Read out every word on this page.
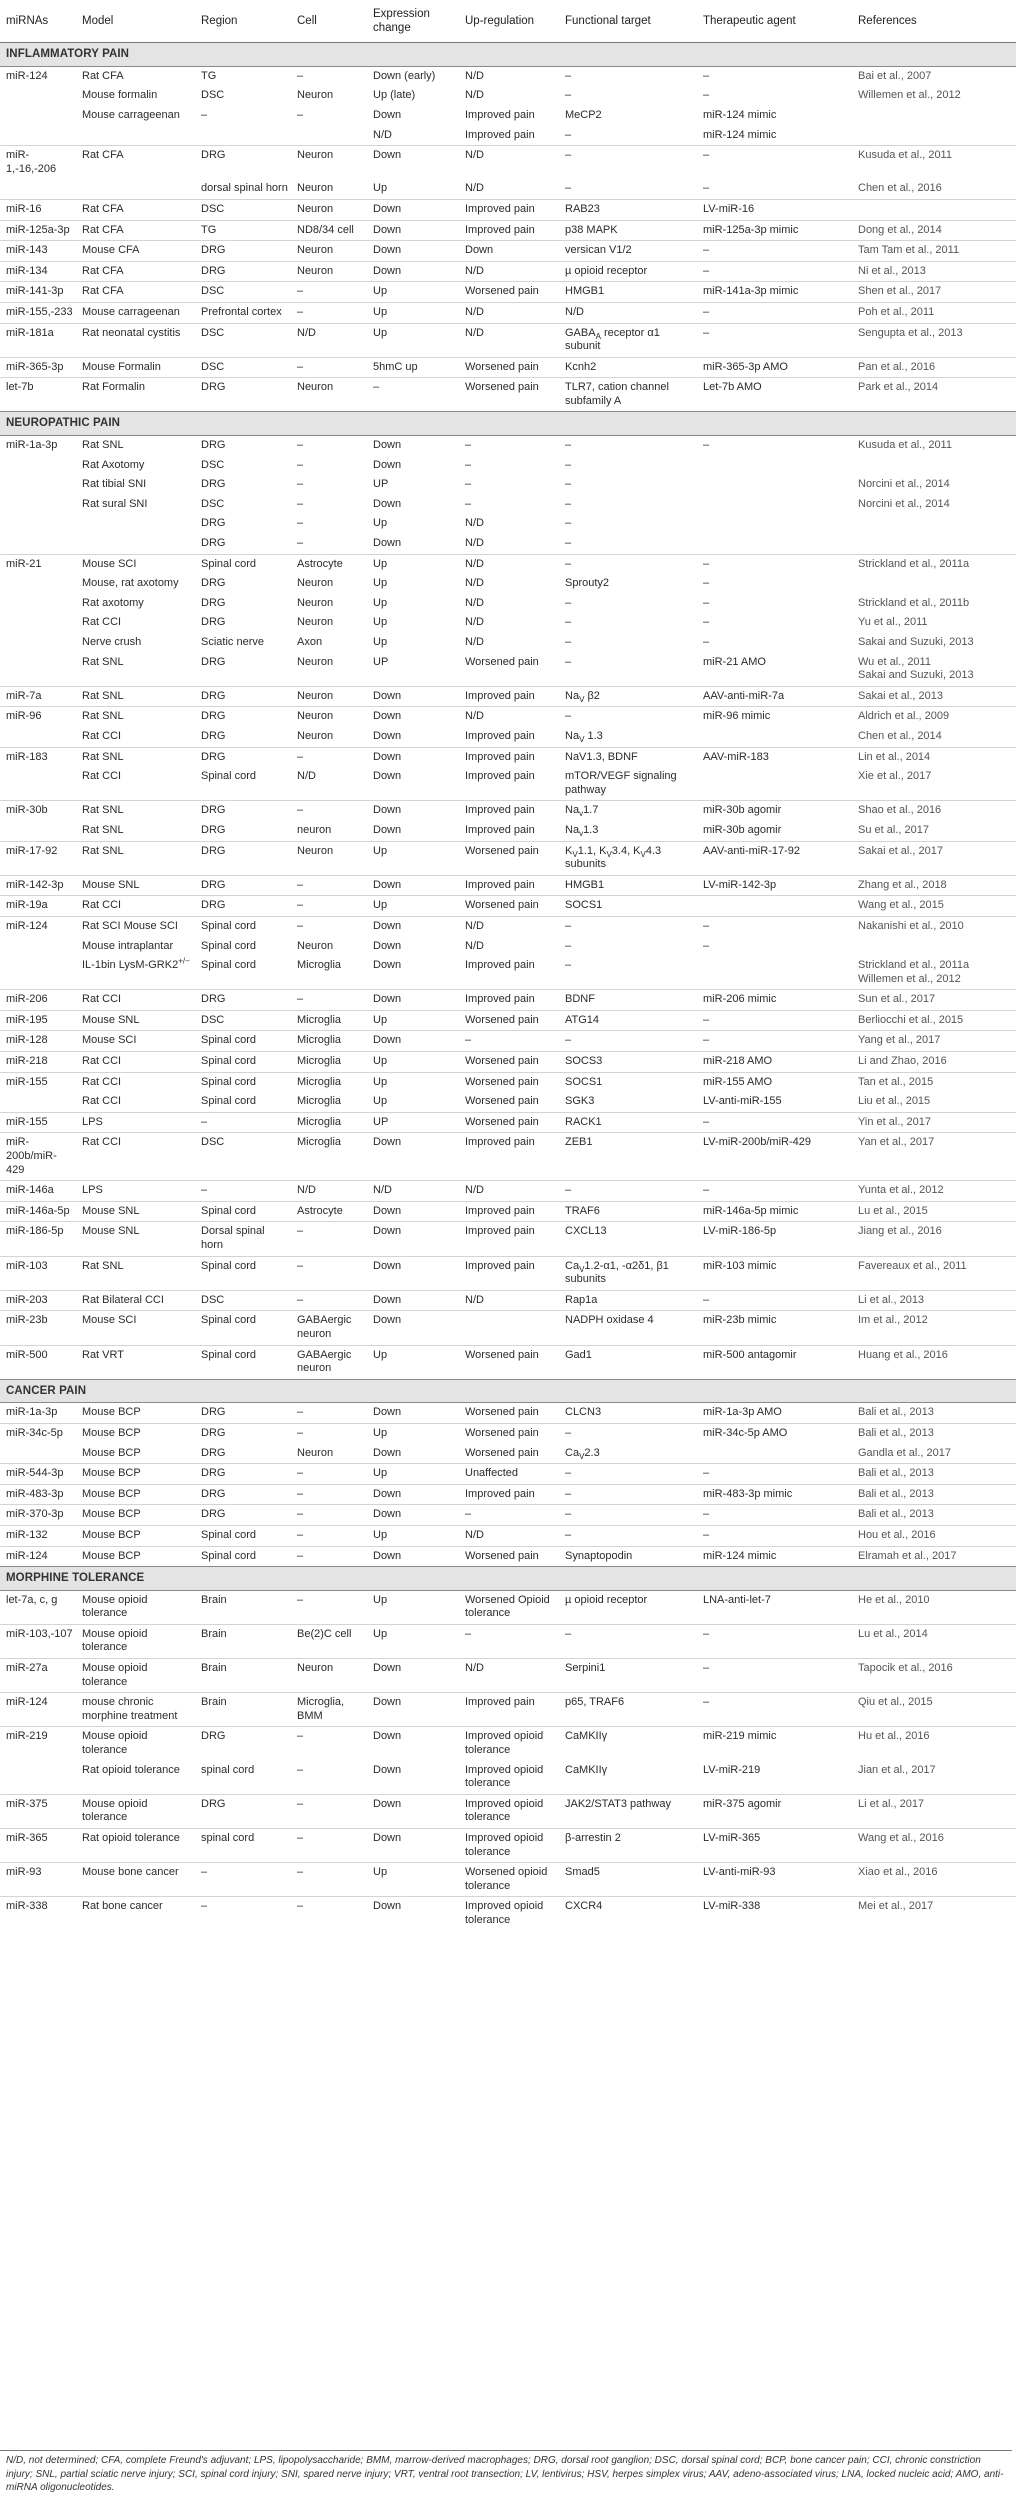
miRNAs	Model	Region	Cell	Expression change	Up-regulation	Functional target	Therapeutic agent	References
INFLAMMATORY PAIN								
miR-124	Rat CFA	TG	–	Down (early)	N/D	–	–	Bai et al., 2007
	Mouse formalin	DSC	Neuron	Up (late)	N/D	–	–	Willemen et al., 2012
	Mouse carrageenan	–	–	Down	Improved pain	MeCP2	miR-124 mimic	
				N/D	Improved pain	–	miR-124 mimic	
miR-1,-16,-206	Rat CFA	DRG	Neuron	Down	N/D	–	–	Kusuda et al., 2011
		dorsal spinal horn	Neuron	Up	N/D	–	–	Chen et al., 2016
miR-16	Rat CFA	DSC	Neuron	Down	Improved pain	RAB23	LV-miR-16	
miR-125a-3p	Rat CFA	TG	ND8/34 cell	Down	Improved pain	p38 MAPK	miR-125a-3p mimic	Dong et al., 2014
miR-143	Mouse CFA	DRG	Neuron	Down	Down	versican V1/2	–	Tam Tam et al., 2011
miR-134	Rat CFA	DRG	Neuron	Down	N/D	µ opioid receptor	–	Ni et al., 2013
miR-141-3p	Rat CFA	DSC	–	Up	Worsened pain	HMGB1	miR-141a-3p mimic	Shen et al., 2017
miR-155,-233	Mouse carrageenan	Prefrontal cortex	–	Up	N/D	N/D	–	Poh et al., 2011
miR-181a	Rat neonatal cystitis	DSC	N/D	Up	N/D	$GABA_A$ receptor α1 subunit	–	Sengupta et al., 2013
miR-365-3p	Mouse Formalin	DSC	–	5hmC up	Worsened pain	Kcnh2	miR-365-3p AMO	Pan et al., 2016
let-7b	Rat Formalin	DRG	Neuron	–	Worsened pain	TLR7, cation channel subfamily A	Let-7b AMO	Park et al., 2014
NEUROPATHIC PAIN								
miR-1a-3p	Rat SNL	DRG	–	Down	–	–	–	Kusuda et al., 2011
	Rat Axotomy	DSC	–	Down	–	–		
	Rat tibial SNI	DRG	–	UP	–	–		Norcini et al., 2014
	Rat sural SNI	DSC	–	Down	–	–		Norcini et al., 2014
		DRG	–	Up	N/D	–		
		DRG	–	Down	N/D	–		
miR-21	Mouse SCI	Spinal cord	Astrocyte	Up	N/D	–	–	Strickland et al., 2011a
	Mouse, rat axotomy	DRG	Neuron	Up	N/D	Sprouty2	–	
	Rat axotomy	DRG	Neuron	Up	N/D	–	–	Strickland et al., 2011b
	Rat CCI	DRG	Neuron	Up	N/D	–	–	Yu et al., 2011
	Nerve crush	Sciatic nerve	Axon	Up	N/D	–	–	Sakai and Suzuki, 2013
	Rat SNL	DRG	Neuron	UP	Worsened pain	–	miR-21 AMO	Wu et al., 2011
Sakai and Suzuki, 2013

miR-7a	Rat SNL	DRG	Neuron	Down	Improved pain	$Na_V$ β2	AAV-anti-miR-7a	Sakai et al., 2013
miR-96	Rat SNL	DRG	Neuron	Down	N/D	–	miR-96 mimic	Aldrich et al., 2009
	Rat CCI	DRG	Neuron	Down	Improved pain	$Na_V$ 1.3		Chen et al., 2014
miR-183	Rat SNL	DRG	–	Down	Improved pain	NaV1.3, BDNF	AAV-miR-183	Lin et al., 2014
	Rat CCI	Spinal cord	N/D	Down	Improved pain	mTOR/VEGF signaling pathway		Xie et al., 2017
miR-30b	Rat SNL	DRG	–	Down	Improved pain	$Na_v1.7$	miR-30b agomir	Shao et al., 2016
	Rat SNL	DRG	neuron	Down	Improved pain	$Na_v1.3$	miR-30b agomir	Su et al., 2017
miR-17-92	Rat SNL	DRG	Neuron	Up	Worsened pain	$K_V1.1$, $K_V3.4$, $K_V4.3$ subunits	AAV-anti-miR-17-92	Sakai et al., 2017
miR-142-3p	Mouse SNL	DRG	–	Down	Improved pain	HMGB1	LV-miR-142-3p	Zhang et al., 2018
miR-19a	Rat CCI	DRG	–	Up	Worsened pain	SOCS1		Wang et al., 2015
miR-124	Rat SCI Mouse SCI	Spinal cord	–	Down	N/D	–	–	Nakanishi et al., 2010
	Mouse intraplantar	Spinal cord	Neuron	Down	N/D	–	–	
	IL-1bin LysM-GRK2+/−	Spinal cord	Microglia	Down	Improved pain	–		Strickland et al., 2011a
Willemen et al., 2012

miR-206	Rat CCI	DRG	–	Down	Improved pain	BDNF	miR-206 mimic	Sun et al., 2017
miR-195	Mouse SNL	DSC	Microglia	Up	Worsened pain	ATG14	–	Berliocchi et al., 2015
miR-128	Mouse SCI	Spinal cord	Microglia	Down	–	–	–	Yang et al., 2017
miR-218	Rat CCI	Spinal cord	Microglia	Up	Worsened pain	SOCS3	miR-218 AMO	Li and Zhao, 2016
miR-155	Rat CCI	Spinal cord	Microglia	Up	Worsened pain	SOCS1	miR-155 AMO	Tan et al., 2015
	Rat CCI	Spinal cord	Microglia	Up	Worsened pain	SGK3	LV-anti-miR-155	Liu et al., 2015
miR-155	LPS	–	Microglia	UP	Worsened pain	RACK1	–	Yin et al., 2017
miR-200b/miR-429	Rat CCI	DSC	Microglia	Down	Improved pain	ZEB1	LV-miR-200b/miR-429	Yan et al., 2017
miR-146a	LPS	–	N/D	N/D	N/D	–	–	Yunta et al., 2012
miR-146a-5p	Mouse SNL	Spinal cord	Astrocyte	Down	Improved pain	TRAF6	miR-146a-5p mimic	Lu et al., 2015
miR-186-5p	Mouse SNL	Dorsal spinal horn	–	Down	Improved pain	CXCL13	LV-miR-186-5p	Jiang et al., 2016
miR-103	Rat SNL	Spinal cord	–	Down	Improved pain	$Ca_V1.2-\alpha 1$, -α2δ1, β1 subunits	miR-103 mimic	Favereaux et al., 2011
miR-203	Rat Bilateral CCI	DSC	–	Down	N/D	Rap1a	–	Li et al., 2013
miR-23b	Mouse SCI	Spinal cord	GABAergic neuron	Down		NADPH oxidase 4	miR-23b mimic	Im et al., 2012
miR-500	Rat VRT	Spinal cord	GABAergic neuron	Up	Worsened pain	Gad1	miR-500 antagomir	Huang et al., 2016
CANCER PAIN								
miR-1a-3p	Mouse BCP	DRG	–	Down	Worsened pain	CLCN3	miR-1a-3p AMO	Bali et al., 2013
miR-34c-5p	Mouse BCP	DRG	–	Up	Worsened pain	–	miR-34c-5p AMO	Bali et al., 2013
	Mouse BCP	DRG	Neuron	Down	Worsened pain	$Ca_V2.3$		Gandla et al., 2017
miR-544-3p	Mouse BCP	DRG	–	Up	Unaffected	–	–	Bali et al., 2013
miR-483-3p	Mouse BCP	DRG	–	Down	Improved pain	–	miR-483-3p mimic	Bali et al., 2013
miR-370-3p	Mouse BCP	DRG	–	Down	–	–	–	Bali et al., 2013
miR-132	Mouse BCP	Spinal cord	–	Up	N/D	–	–	Hou et al., 2016
miR-124	Mouse BCP	Spinal cord	–	Down	Worsened pain	Synaptopodin	miR-124 mimic	Elramah et al., 2017
MORPHINE TOLERANCE								
let-7a, c, g	Mouse opioid tolerance	Brain	–	Up	Worsened Opioid tolerance	µ opioid receptor	LNA-anti-let-7	He et al., 2010
miR-103,-107	Mouse opioid tolerance	Brain	Be(2)C cell	Up	–	–	–	Lu et al., 2014
miR-27a	Mouse opioid tolerance	Brain	Neuron	Down	N/D	Serpini1	–	Tapocik et al., 2016
miR-124	mouse chronic morphine treatment	Brain	Microglia, BMM	Down	Improved pain	p65, TRAF6	–	Qiu et al., 2015
miR-219	Mouse opioid tolerance	DRG	–	Down	Improved opioid tolerance	CaMKIIγ	miR-219 mimic	Hu et al., 2016
	Rat opioid tolerance	spinal cord	–	Down	Improved opioid tolerance	CaMKIIγ	LV-miR-219	Jian et al., 2017
miR-375	Mouse opioid tolerance	DRG	–	Down	Improved opioid tolerance	JAK2/STAT3 pathway	miR-375 agomir	Li et al., 2017
miR-365	Rat opioid tolerance	spinal cord	–	Down	Improved opioid tolerance	β-arrestin 2	LV-miR-365	Wang et al., 2016
miR-93	Mouse bone cancer	–	–	Up	Worsened opioid tolerance	Smad5	LV-anti-miR-93	Xiao et al., 2016
miR-338	Rat bone cancer	–	–	Down	Improved opioid tolerance	CXCR4	LV-miR-338	Mei et al., 2017
N/D, not determined; CFA, complete Freund's adjuvant; LPS, lipopolysaccharide; BMM, marrow-derived macrophages; DRG, dorsal root ganglion; DSC, dorsal spinal cord; BCP, bone cancer pain; CCI, chronic constriction injury; SNL, partial sciatic nerve injury; SCI, spinal cord injury; SNI, spared nerve injury; VRT, ventral root transection; LV, lentivirus; HSV, herpes simplex virus; AAV, adeno-associated virus; LNA, locked nucleic acid; AMO, anti-miRNA oligonucleotides.
